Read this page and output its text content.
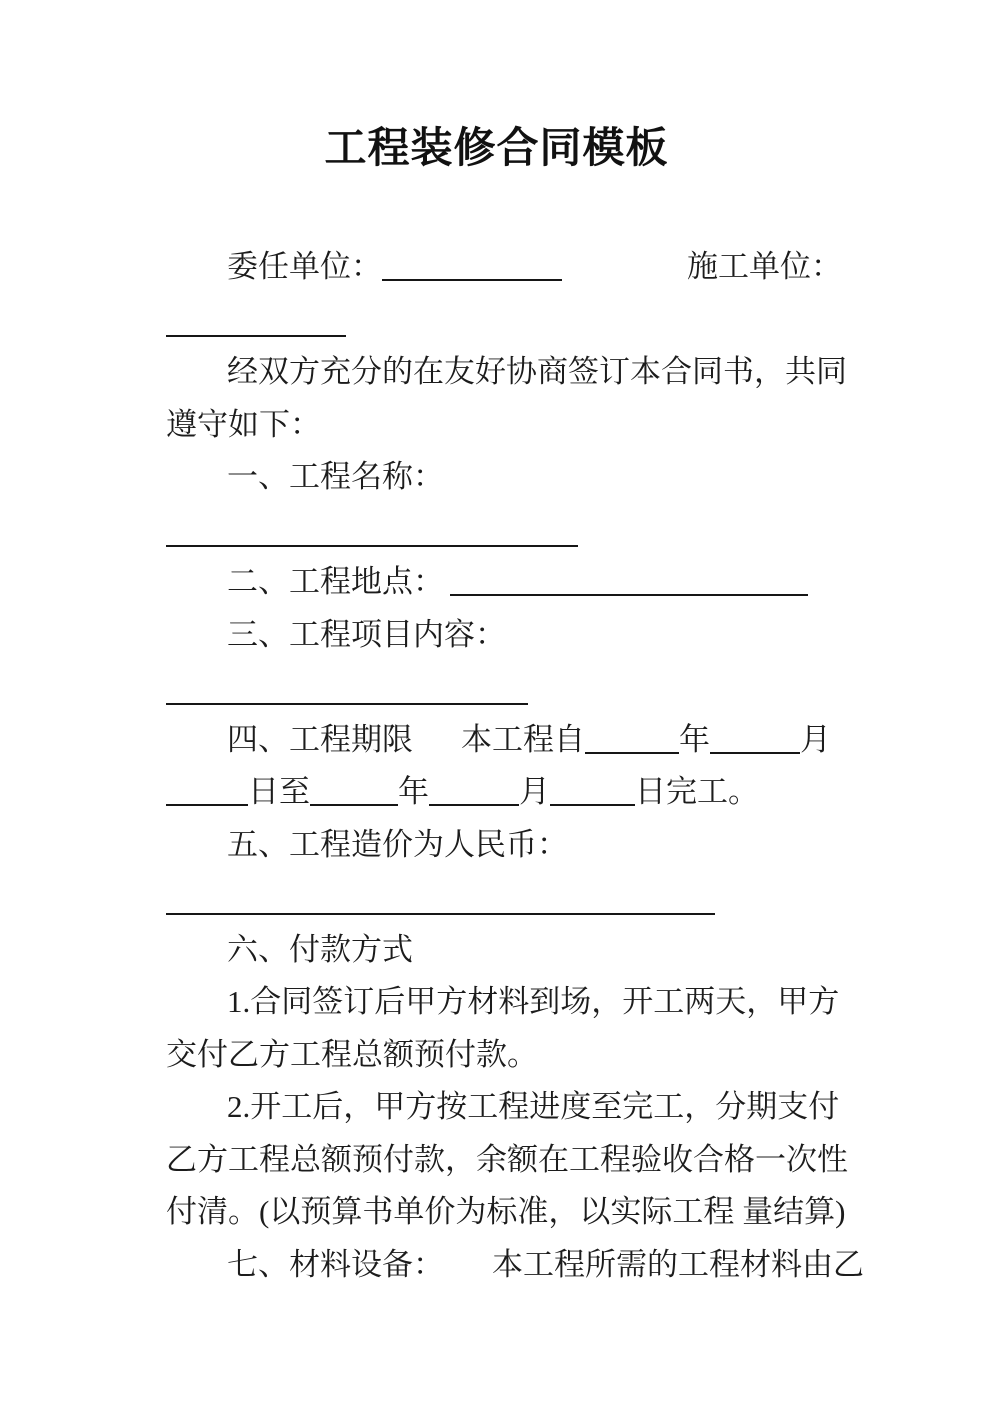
工程装修合同模板
委任单位：	施工单位：
经双方充分的在友好协商签订本合同书，共同
遵守如下：
一、工程名称：
二、工程地点：
三、工程项目内容：
四、工程期限 本工程自	年	月
日至	年	月	日完工。
五、工程造价为人民币：
六、付款方式
1.合同签订后甲方材料到场，开工两天，甲方
交付乙方工程总额预付款。
2.开工后，甲方按工程进度至完工，分期支付
乙方工程总额预付款，余额在工程验收合格一次性
付清。(以预算书单价为标准，以实际工程 量结算)
七、材料设备： 本工程所需的工程材料由乙
